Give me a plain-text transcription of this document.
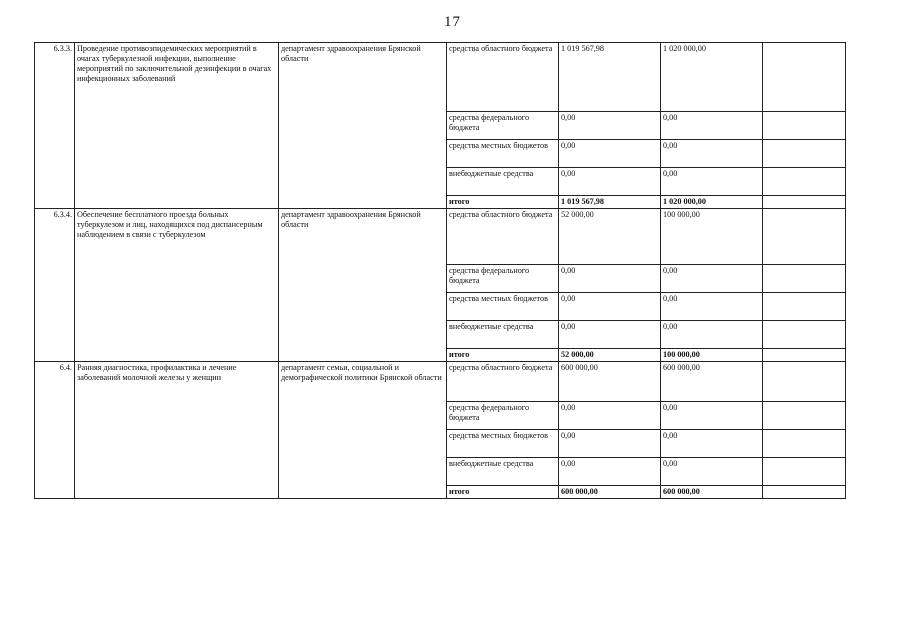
17
6.3.3.	Проведение противоэпидемических мероприятий в очагах туберкулезной инфекции, выполнение мероприятий по заключительной дезинфекции в очагах инфекционных заболеваний	департамент здравоохранения Брянской области	средства областного бюджета	1 019 567,98	1 020 000,00	
			средства федерального бюджета	0,00	0,00	
			средства местных бюджетов	0,00	0,00	
			внебюджетные средства	0,00	0,00	
			итого	1 019 567,98	1 020 000,00	
6.3.4.	Обеспечение бесплатного проезда больных туберкулезом и лиц, находящихся под диспансерным наблюдением в связи с туберкулезом	департамент здравоохранения Брянской области	средства областного бюджета	52 000,00	100 000,00	
			средства федерального бюджета	0,00	0,00	
			средства местных бюджетов	0,00	0,00	
			внебюджетные средства	0,00	0,00	
			итого	52 000,00	100 000,00	
6.4.	Ранняя диагностика, профилактика и лечение заболеваний молочной железы у женщин	департамент семьи, социальной и демографической политики Брянской области	средства областного бюджета	600 000,00	600 000,00	
			средства федерального бюджета	0,00	0,00	
			средства местных бюджетов	0,00	0,00	
			внебюджетные средства	0,00	0,00	
			итого	600 000,00	600 000,00	
